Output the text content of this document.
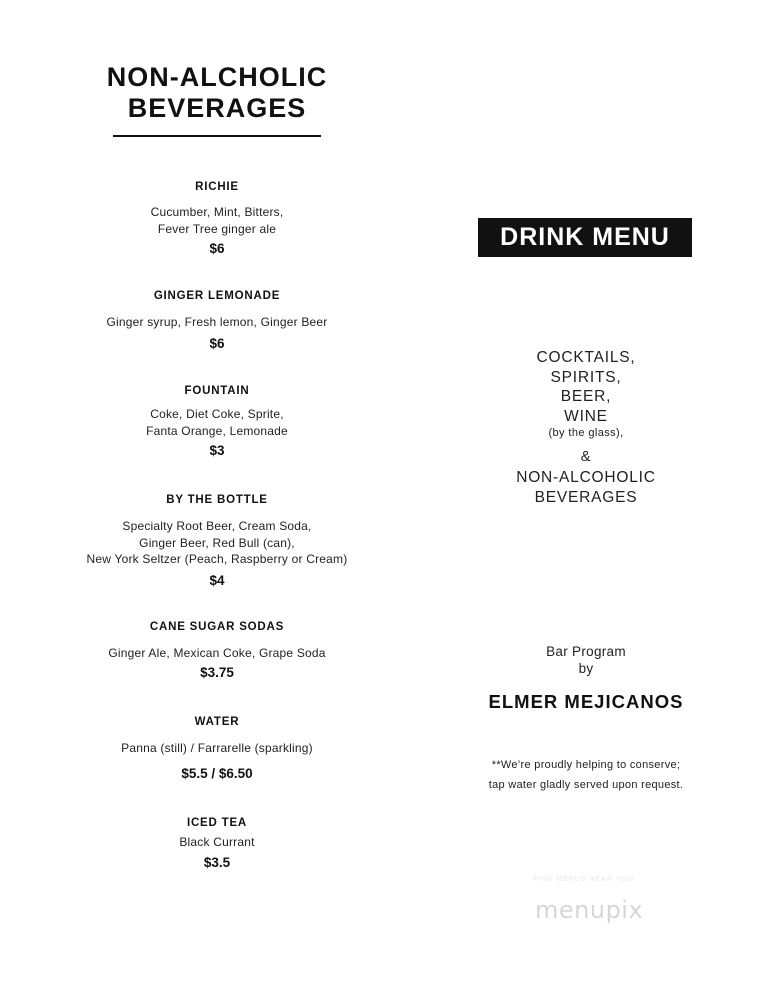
NON-ALCHOLIC
BEVERAGES
RICHIE
Cucumber, Mint, Bitters,
Fever Tree ginger ale
$6
GINGER LEMONADE
Ginger syrup, Fresh lemon, Ginger Beer
$6
FOUNTAIN
Coke, Diet Coke, Sprite,
Fanta Orange, Lemonade
$3
BY THE BOTTLE
Specialty Root Beer, Cream Soda,
Ginger Beer, Red Bull (can),
New York Seltzer (Peach, Raspberry or Cream)
$4
CANE SUGAR SODAS
Ginger Ale, Mexican Coke, Grape Soda
$3.75
WATER
Panna (still) / Farrarelle (sparkling)
$5.5 / $6.50
ICED TEA
Black Currant
$3.5
DRINK MENU
COCKTAILS,
SPIRITS,
BEER,
WINE
(by the glass),
&
NON-ALCOHOLIC
BEVERAGES
Bar Program
by
ELMER MEJICANOS
**We’re proudly helping to conserve;
tap water gladly served upon request.
FIND MENUS NEAR YOU
menupix
